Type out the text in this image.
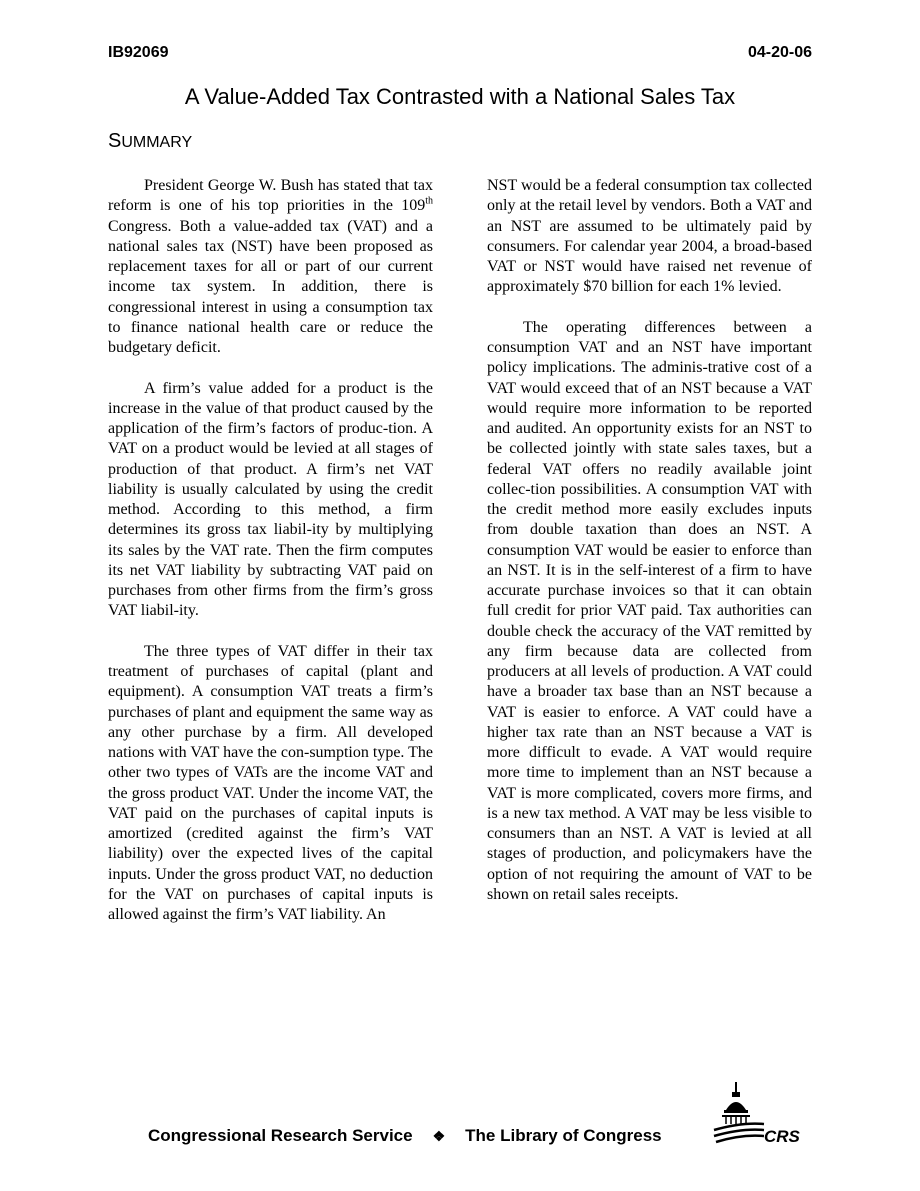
IB92069	04-20-06
A Value-Added Tax Contrasted with a National Sales Tax
SUMMARY

President George W. Bush has stated that tax reform is one of his top priorities in the 109th Congress. Both a value-added tax (VAT) and a national sales tax (NST) have been proposed as replacement taxes for all or part of our current income tax system. In addition, there is congressional interest in using a consumption tax to finance national health care or reduce the budgetary deficit.

A firm’s value added for a product is the increase in the value of that product caused by the application of the firm’s factors of produc-tion. A VAT on a product would be levied at all stages of production of that product. A firm’s net VAT liability is usually calculated by using the credit method. According to this method, a firm determines its gross tax liabil-ity by multiplying its sales by the VAT rate. Then the firm computes its net VAT liability by subtracting VAT paid on purchases from other firms from the firm’s gross VAT liabil-ity.

The three types of VAT differ in their tax treatment of purchases of capital (plant and equipment). A consumption VAT treats a firm’s purchases of plant and equipment the same way as any other purchase by a firm. All developed nations with VAT have the con-sumption type. The other two types of VATs are the income VAT and the gross product VAT. Under the income VAT, the VAT paid on the purchases of capital inputs is amortized (credited against the firm’s VAT liability) over the expected lives of the capital inputs. Under the gross product VAT, no deduction for the VAT on purchases of capital inputs is allowed against the firm’s VAT liability. An

NST would be a federal consumption tax collected only at the retail level by vendors. Both a VAT and an NST are assumed to be ultimately paid by consumers. For calendar year 2004, a broad-based VAT or NST would have raised net revenue of approximately $70 billion for each 1% levied.

The operating differences between a consumption VAT and an NST have important policy implications. The adminis-trative cost of a VAT would exceed that of an NST because a VAT would require more information to be reported and audited. An opportunity exists for an NST to be collected jointly with state sales taxes, but a federal VAT offers no readily available joint collec-tion possibilities. A consumption VAT with the credit method more easily excludes inputs from double taxation than does an NST. A consumption VAT would be easier to enforce than an NST. It is in the self-interest of a firm to have accurate purchase invoices so that it can obtain full credit for prior VAT paid. Tax authorities can double check the accuracy of the VAT remitted by any firm because data are collected from producers at all levels of production. A VAT could have a broader tax base than an NST because a VAT is easier to enforce. A VAT could have a higher tax rate than an NST because a VAT is more difficult to evade. A VAT would require more time to implement than an NST because a VAT is more complicated, covers more firms, and is a new tax method. A VAT may be less visible to consumers than an NST. A VAT is levied at all stages of production, and policymakers have the option of not requiring the amount of VAT to be shown on retail sales receipts.

Congressional Research Service ❖ The Library of Congress	CRS
